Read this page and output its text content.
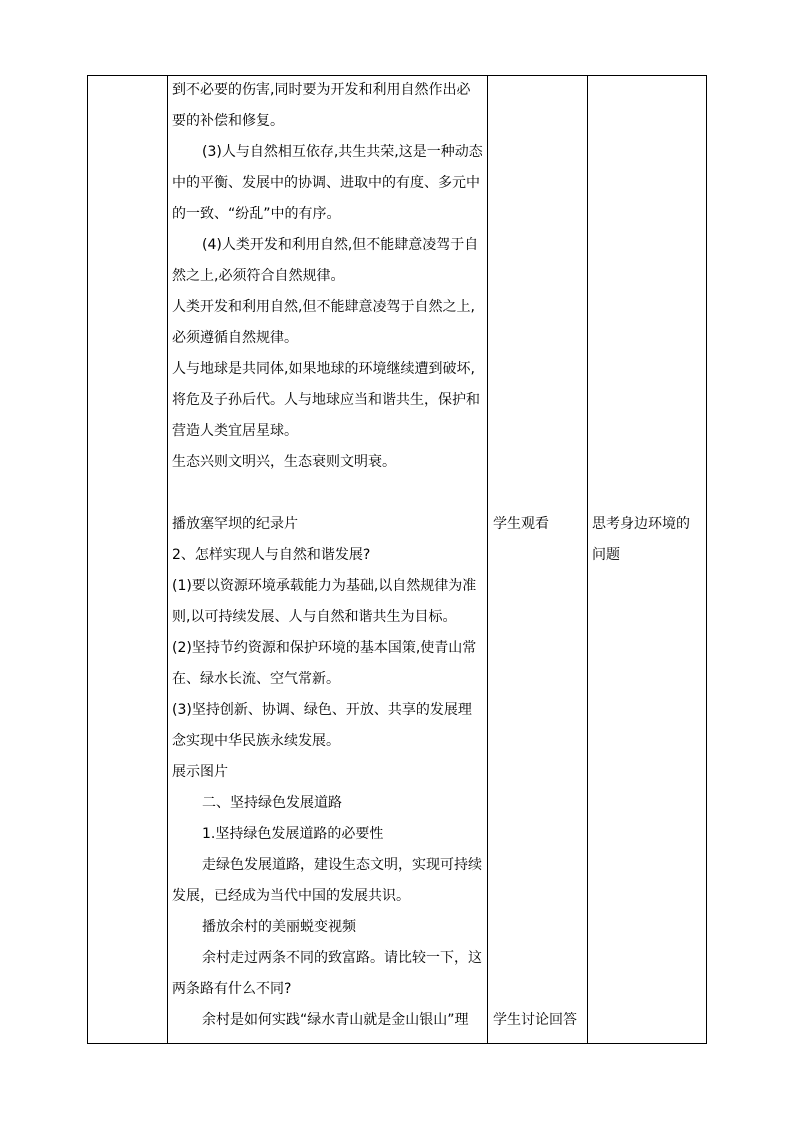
到不必要的伤害,同时要为开发和利用自然作出必
要的补偿和修复。
(3)人与自然相互依存,共生共荣,这是一种动态
中的平衡、发展中的协调、进取中的有度、多元中
的一致、“纷乱”中的有序。
(4)人类开发和利用自然,但不能肆意凌驾于自
然之上,必须符合自然规律。
人类开发和利用自然,但不能肆意凌驾于自然之上,
必须遵循自然规律。
人与地球是共同体,如果地球的环境继续遭到破坏,
将危及子孙后代。人与地球应当和谐共生，保护和
营造人类宜居星球。
生态兴则文明兴，生态衰则文明衰。
播放塞罕坝的纪录片
2、怎样实现人与自然和谐发展?
(1)要以资源环境承载能力为基础,以自然规律为准
则,以可持续发展、人与自然和谐共生为目标。
(2)坚持节约资源和保护环境的基本国策,使青山常
在、绿水长流、空气常新。
(3)坚持创新、协调、绿色、开放、共享的发展理
念实现中华民族永续发展。
展示图片
二、坚持绿色发展道路
1.坚持绿色发展道路的必要性
走绿色发展道路，建设生态文明，实现可持续
发展，已经成为当代中国的发展共识。
播放余村的美丽蜕变视频
余村走过两条不同的致富路。请比较一下，这
两条路有什么不同?
余村是如何实践“绿水青山就是金山银山”理
学生观看
学生讨论回答
思考身边环境的
问题
